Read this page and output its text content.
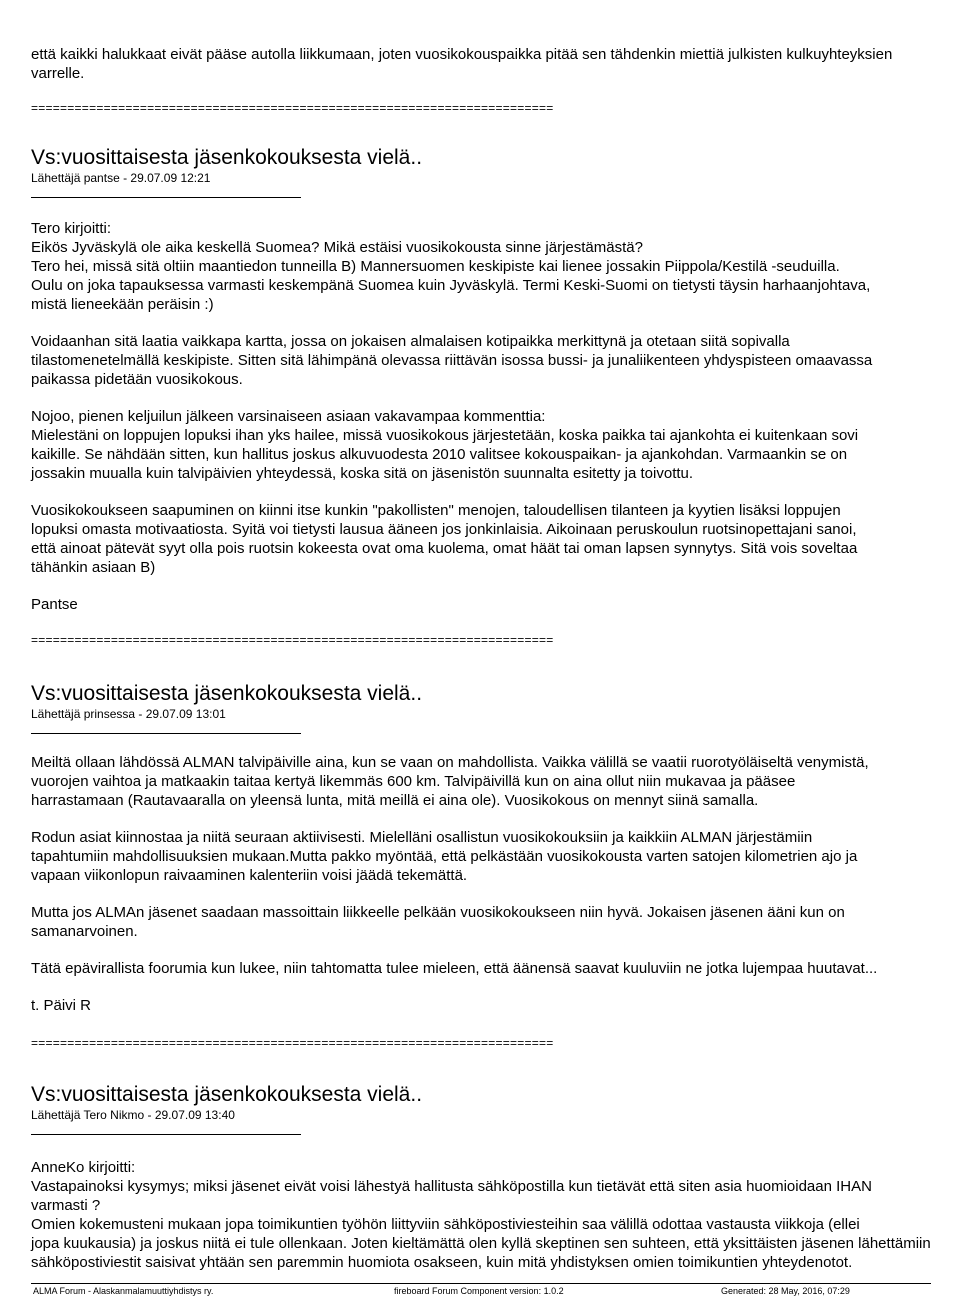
että kaikki halukkaat eivät pääse autolla liikkumaan, joten vuosikokouspaikka pitää sen tähdenkin miettiä julkisten kulkuyhteyksien

varrelle.

========================================================================
Vs:vuosittaisesta jäsenkokouksesta vielä..
Lähettäjä pantse - 29.07.09 12:21

Tero kirjoitti:

Eikös Jyväskylä ole aika keskellä Suomea? Mikä estäisi vuosikokousta sinne järjestämästä?

Tero hei, missä sitä oltiin maantiedon tunneilla B) Mannersuomen keskipiste kai lienee jossakin Piippola/Kestilä -seuduilla.

Oulu on joka tapauksessa varmasti keskempänä Suomea kuin Jyväskylä. Termi Keski-Suomi on tietysti täysin harhaanjohtava,

mistä lieneekään peräisin :)

Voidaanhan sitä laatia vaikkapa kartta, jossa on jokaisen almalaisen kotipaikka merkittynä ja otetaan siitä sopivalla

tilastomenetelmällä keskipiste. Sitten sitä lähimpänä olevassa riittävän isossa bussi- ja junaliikenteen yhdyspisteen omaavassa

paikassa pidetään vuosikokous.

Nojoo, pienen keljuilun jälkeen varsinaiseen asiaan vakavampaa kommenttia:

Mielestäni on loppujen lopuksi ihan yks hailee, missä vuosikokous järjestetään, koska paikka tai ajankohta ei kuitenkaan sovi

kaikille. Se nähdään sitten, kun hallitus joskus alkuvuodesta 2010 valitsee kokouspaikan- ja ajankohdan. Varmaankin se on

jossakin muualla kuin talvipäivien yhteydessä, koska sitä on jäsenistön suunnalta esitetty ja toivottu.

Vuosikokoukseen saapuminen on kiinni itse kunkin "pakollisten" menojen, taloudellisen tilanteen ja kyytien lisäksi loppujen

lopuksi omasta motivaatiosta. Syitä voi tietysti lausua ääneen jos jonkinlaisia. Aikoinaan peruskoulun ruotsinopettajani sanoi,

että ainoat pätevät syyt olla pois ruotsin kokeesta ovat oma kuolema, omat häät tai oman lapsen synnytys. Sitä vois soveltaa

tähänkin asiaan B)

Pantse

========================================================================
Vs:vuosittaisesta jäsenkokouksesta vielä..
Lähettäjä prinsessa - 29.07.09 13:01

Meiltä ollaan lähdössä ALMAN talvipäiville aina, kun se vaan on mahdollista. Vaikka välillä se vaatii ruorotyöläiseltä venymistä,

vuorojen vaihtoa ja matkaakin taitaa kertyä likemmäs 600 km. Talvipäivillä kun on aina ollut niin mukavaa ja pääsee

harrastamaan (Rautavaaralla on yleensä lunta, mitä meillä ei aina ole). Vuosikokous on mennyt siinä samalla.

Rodun asiat kiinnostaa ja niitä seuraan aktiivisesti. Mielelläni osallistun vuosikokouksiin ja kaikkiin ALMAN järjestämiin

tapahtumiin mahdollisuuksien mukaan.Mutta pakko myöntää, että pelkästään vuosikokousta varten satojen kilometrien ajo ja

vapaan viikonlopun raivaaminen kalenteriin voisi jäädä tekemättä.

Mutta jos ALMAn jäsenet saadaan massoittain liikkeelle pelkään vuosikokoukseen niin hyvä. Jokaisen jäsenen ääni kun on

samanarvoinen.

Tätä epävirallista foorumia kun lukee, niin tahtomatta tulee mieleen, että äänensä saavat kuuluviin ne jotka lujempaa huutavat...

t. Päivi R

========================================================================
Vs:vuosittaisesta jäsenkokouksesta vielä..
Lähettäjä Tero Nikmo - 29.07.09 13:40

AnneKo kirjoitti:

Vastapainoksi kysymys; miksi jäsenet eivät voisi lähestyä hallitusta sähköpostilla kun tietävät että siten asia huomioidaan IHAN

varmasti ?

Omien kokemusteni mukaan jopa toimikuntien työhön liittyviin sähköpostiviesteihin saa välillä odottaa vastausta viikkoja (ellei

jopa kuukausia) ja joskus niitä ei tule ollenkaan. Joten kieltämättä olen kyllä skeptinen sen suhteen, että yksittäisten jäsenen lähettämiin

sähköpostiviestit saisivat yhtään sen paremmin huomiota osakseen, kuin mitä yhdistyksen omien toimikuntien yhteydenotot.

ALMA Forum - Alaskanmalamuuttiyhdistys ry.	fireboard Forum Component version: 1.0.2	Generated: 28 May, 2016, 07:29
